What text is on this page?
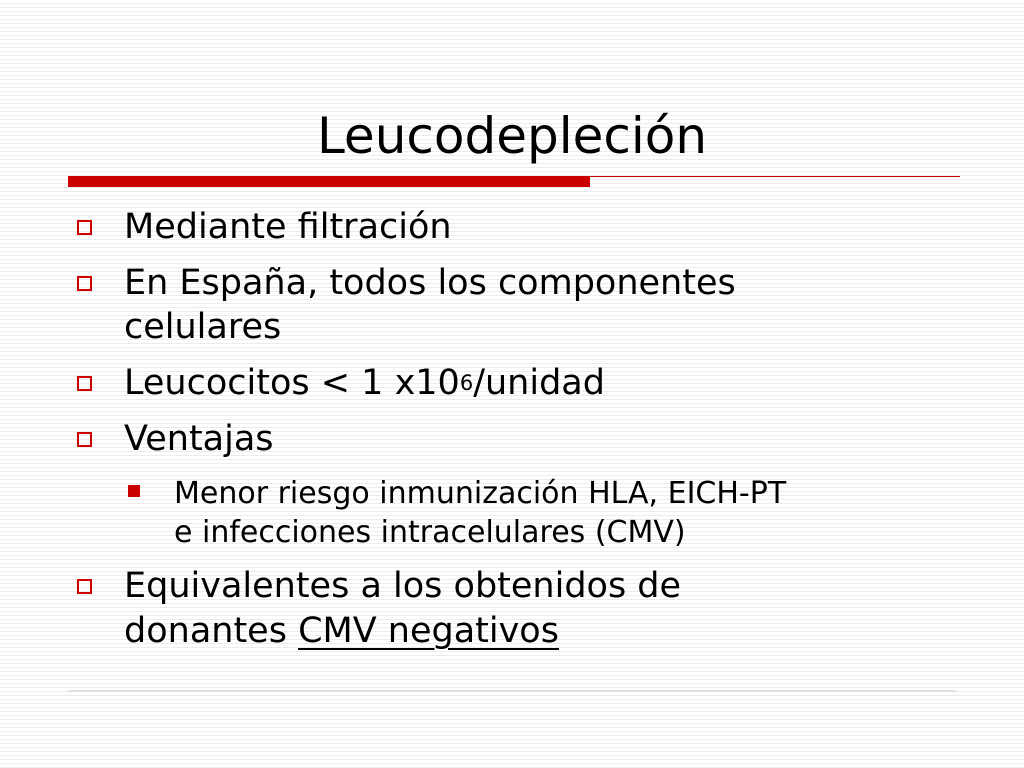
Leucodepleción
Mediante filtración
En España, todos los componentes
celulares
Leucocitos < 1 $x10^6$/unidad
Ventajas
Menor riesgo inmunización HLA, EICH-PT
e infecciones intracelulares (CMV)
Equivalentes a los obtenidos de
donantes CMV negativos
